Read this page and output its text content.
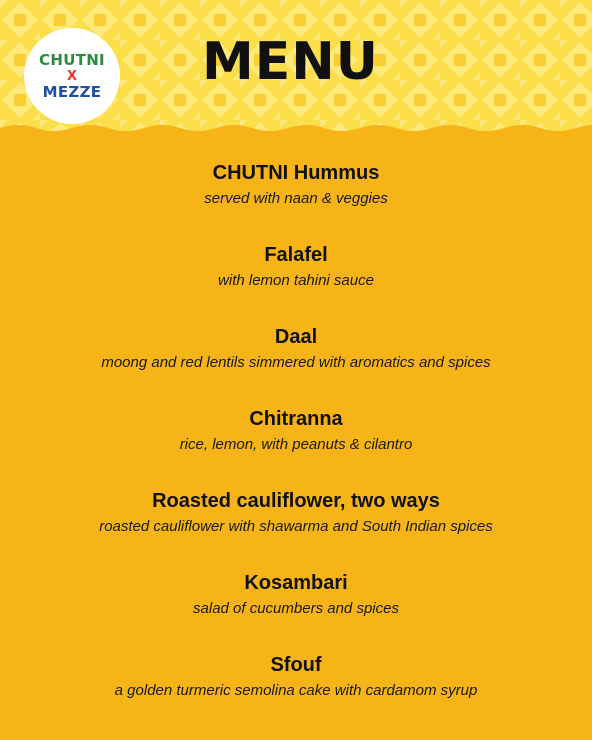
CHUTNI
X
MEZZE MENU
CHUTNI Hummus
served with naan & veggies
Falafel
with lemon tahini sauce
Daal
moong and red lentils simmered with aromatics and spices
Chitranna
rice, lemon, with peanuts & cilantro
Roasted cauliflower, two ways
roasted cauliflower with shawarma and South Indian spices
Kosambari
salad of cucumbers and spices
Sfouf
a golden turmeric semolina cake with cardamom syrup
